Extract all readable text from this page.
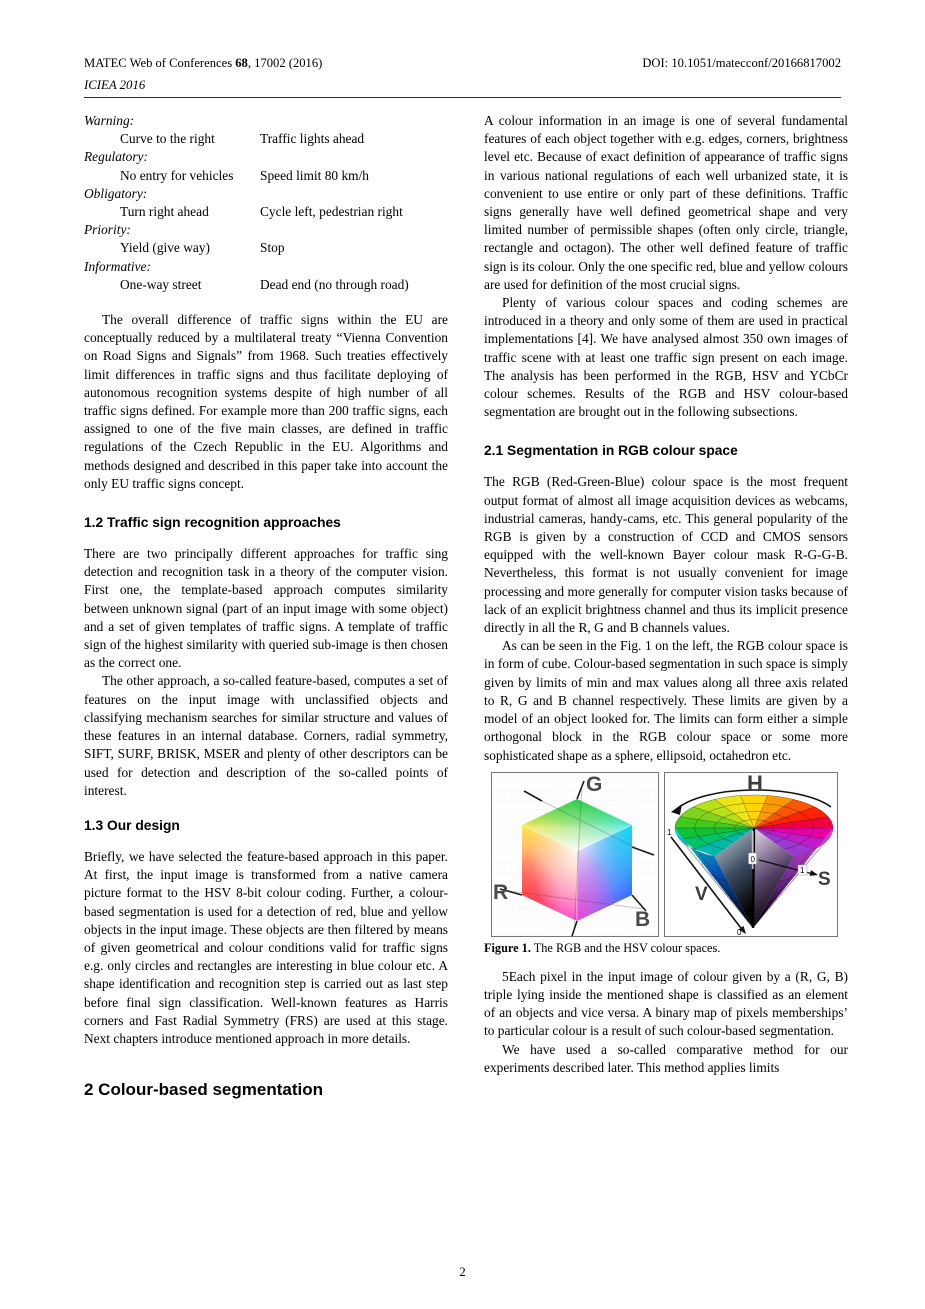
MATEC Web of Conferences 68, 17002 (2016)	DOI: 10.1051/matecconf/20166817002
ICIEA 2016
Warning:
Curve to the right	Traffic lights ahead
Regulatory:
No entry for vehicles	Speed limit 80 km/h
Obligatory:
Turn right ahead	Cycle left, pedestrian right
Priority:
Yield (give way)	Stop
Informative:
One-way street	Dead end (no through road)

The overall difference of traffic signs within the EU are conceptually reduced by a multilateral treaty “Vienna Convention on Road Signs and Signals” from 1968. Such treaties effectively limit differences in traffic signs and thus facilitate deploying of autonomous recognition systems despite of high number of all traffic signs defined. For example more than 200 traffic signs, each assigned to one of the five main classes, are defined in traffic regulations of the Czech Republic in the EU. Algorithms and methods designed and described in this paper take into account the only EU traffic signs concept.

1.2 Traffic sign recognition approaches

There are two principally different approaches for traffic sing detection and recognition task in a theory of the computer vision. First one, the template-based approach computes similarity between unknown signal (part of an input image with some object) and a set of given templates of traffic signs. A template of traffic sign of the highest similarity with queried sub-image is then chosen as the correct one.

The other approach, a so-called feature-based, computes a set of features on the input image with unclassified objects and classifying mechanism searches for similar structure and values of these features in an internal database. Corners, radial symmetry, SIFT, SURF, BRISK, MSER and plenty of other descriptors can be used for detection and description of the so-called points of interest.

1.3 Our design

Briefly, we have selected the feature-based approach in this paper. At first, the input image is transformed from a native camera picture format to the HSV 8-bit colour coding. Further, a colour-based segmentation is used for a detection of red, blue and yellow objects in the input image. These objects are then filtered by means of given geometrical and colour conditions valid for traffic signs e.g. only circles and rectangles are interesting in blue colour etc. A shape identification and recognition step is carried out as last step before final sign classification. Well-known features as Harris corners and Fast Radial Symmetry (FRS) are used at this stage. Next chapters introduce mentioned approach in more details.

2 Colour-based segmentation

A colour information in an image is one of several fundamental features of each object together with e.g. edges, corners, brightness level etc. Because of exact definition of appearance of traffic signs in various national regulations of each well urbanized state, it is convenient to use entire or only part of these definitions. Traffic signs generally have well defined geometrical shape and very limited number of permissible shapes (often only circle, triangle, rectangle and octagon). The other well defined feature of traffic sign is its colour. Only the one specific red, blue and yellow colours are used for definition of the most crucial signs.

Plenty of various colour spaces and coding schemes are introduced in a theory and only some of them are used in practical implementations [4]. We have analysed almost 350 own images of traffic scene with at least one traffic sign present on each image. The analysis has been performed in the RGB, HSV and YCbCr colour schemes. Results of the RGB and HSV colour-based segmentation are brought out in the following subsections.

2.1 Segmentation in RGB colour space

The RGB (Red-Green-Blue) colour space is the most frequent output format of almost all image acquisition devices as webcams, industrial cameras, handy-cams, etc. This general popularity of the RGB is given by a construction of CCD and CMOS sensors equipped with the well-known Bayer colour mask R-G-G-B. Nevertheless, this format is not usually convenient for image processing and more generally for computer vision tasks because of lack of an explicit brightness channel and thus its implicit presence directly in all the R, G and B channels values.

As can be seen in the Fig. 1 on the left, the RGB colour space is in form of cube. Colour-based segmentation in such space is simply given by limits of min and max values along all three axis related to R, G and B channel respectively. These limits are given by a model of an object looked for. The limits can form either a simple orthogonal block in the RGB colour space or some more sophisticated shape as a sphere, ellipsoid, octahedron etc.

G
R
B
1
0
1
0
H
V
S
Figure 1. The RGB and the HSV colour spaces.

5Each pixel in the input image of colour given by a (R, G, B) triple lying inside the mentioned shape is classified as an element of an objects and vice versa. A binary map of pixels memberships’ to particular colour is a result of such colour-based segmentation.

We have used a so-called comparative method for our experiments described later. This method applies limits

2
